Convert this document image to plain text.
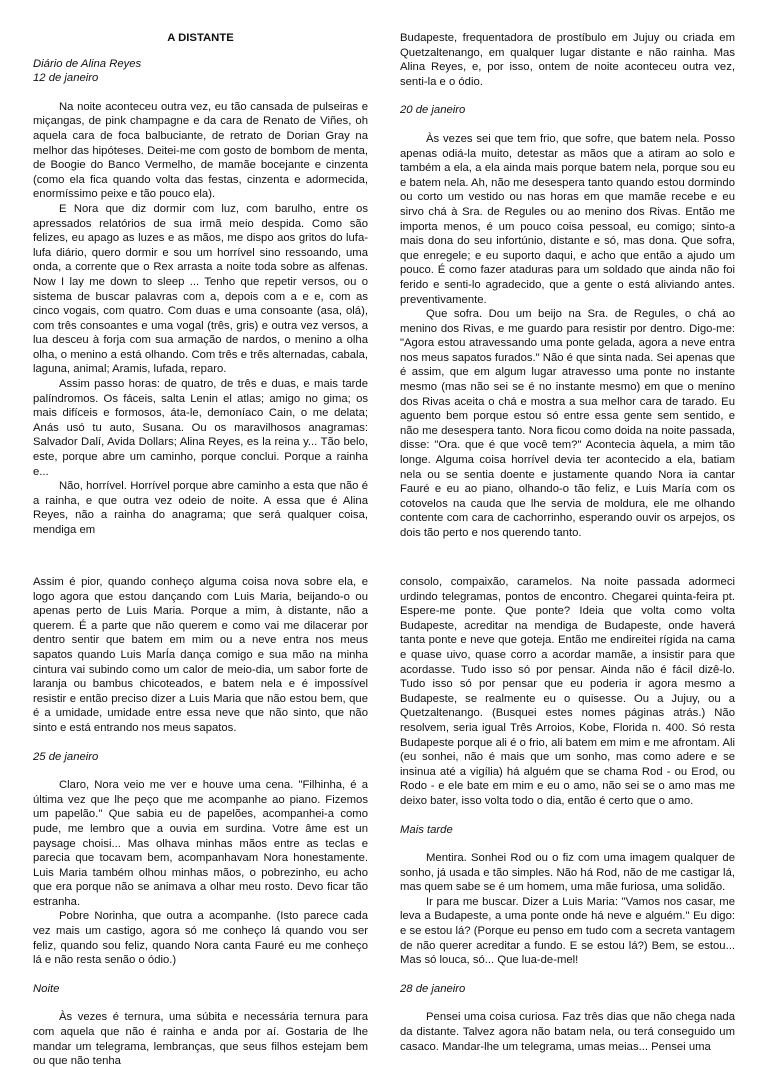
A DISTANTE

Diário de Alina Reyes

12 de janeiro

Na noite aconteceu outra vez, eu tão cansada de pulseiras e miçangas, de pink champagne e da cara de Renato de Viñes, oh aquela cara de foca balbuciante, de retrato de Dorian Gray na melhor das hipóteses. Deitei-me com gosto de bombom de menta, de Boogie do Banco Vermelho, de mamãe bocejante e cinzenta (como ela fica quando volta das festas, cinzenta e adormecida, enormíssimo peixe e tão pouco ela).

E Nora que diz dormir com luz, com barulho, entre os apressados relatórios de sua irmã meio despida. Como são felizes, eu apago as luzes e as mãos, me dispo aos gritos do lufa-lufa diário, quero dormir e sou um horrível sino ressoando, uma onda, a corrente que o Rex arrasta a noite toda sobre as alfenas. Now I lay me down to sleep ... Tenho que repetir versos, ou o sistema de buscar palavras com a, depois com a e e, com as cinco vogais, com quatro. Com duas e uma consoante (asa, olá), com três consoantes e uma vogal (três, gris) e outra vez versos, a lua desceu à forja com sua armação de nardos, o menino a olha olha, o menino a está olhando. Com três e três alternadas, cabala, laguna, animal; Aramis, lufada, reparo.

Assim passo horas: de quatro, de três e duas, e mais tarde palíndromos. Os fáceis, salta Lenin el atlas; amigo no gima; os mais difíceis e formosos, áta-le, demoníaco Cain, o me delata; Anás usó tu auto, Susana. Ou os maravilhosos anagramas: Salvador Dalí, Avida Dollars; Alina Reyes, es la reina y... Tão belo, este, porque abre um caminho, porque conclui. Porque a rainha e...

Não, horrível. Horrível porque abre caminho a esta que não é a rainha, e que outra vez odeio de noite. A essa que é Alina Reyes, não a rainha do anagrama; que será qualquer coisa, mendiga em

Budapeste, frequentadora de prostíbulo em Jujuy ou criada em Quetzaltenango, em qualquer lugar distante e não rainha. Mas Alina Reyes, e, por isso, ontem de noite aconteceu outra vez, senti-la e o ódio.

20 de janeiro

Às vezes sei que tem frio, que sofre, que batem nela. Posso apenas odiá-la muito, detestar as mãos que a atiram ao solo e também a ela, a ela ainda mais porque batem nela, porque sou eu e batem nela. Ah, não me desespera tanto quando estou dormindo ou corto um vestido ou nas horas em que mamãe recebe e eu sirvo chá à Sra. de Regules ou ao menino dos Rivas. Então me importa menos, é um pouco coisa pessoal, eu comigo; sinto-a mais dona do seu infortúnio, distante e só, mas dona. Que sofra, que enregele; e eu suporto daqui, e acho que então a ajudo um pouco. É como fazer ataduras para um soldado que ainda não foi ferido e senti-lo agradecido, que a gente o está aliviando antes. preventivamente.

Que sofra. Dou um beijo na Sra. de Regules, o chá ao menino dos Rivas, e me guardo para resistir por dentro. Digo-me: "Agora estou atravessando uma ponte gelada, agora a neve entra nos meus sapatos furados." Não é que sinta nada. Sei apenas que é assim, que em algum lugar atravesso uma ponte no instante mesmo (mas não sei se é no instante mesmo) em que o menino dos Rivas aceita o chá e mostra a sua melhor cara de tarado. Eu aguento bem porque estou só entre essa gente sem sentido, e não me desespera tanto. Nora ficou como doida na noite passada, disse: "Ora. que é que você tem?" Acontecia àquela, a mim tão longe. Alguma coisa horrível devia ter acontecido a ela, batiam nela ou se sentia doente e justamente quando Nora ia cantar Fauré e eu ao piano, olhando-o tão feliz, e Luis María com os cotovelos na cauda que lhe servia de moldura, ele me olhando contente com cara de cachorrinho, esperando ouvir os arpejos, os dois tão perto e nos querendo tanto.

Assim é pior, quando conheço alguma coisa nova sobre ela, e logo agora que estou dançando com Luis Maria, beijando-o ou apenas perto de Luis Maria. Porque a mim, à distante, não a querem. É a parte que não querem e como vai me dilacerar por dentro sentir que batem em mim ou a neve entra nos meus sapatos quando Luis MarÍa dança comigo e sua mão na minha cintura vai subindo como um calor de meio-dia, um sabor forte de laranja ou bambus chicoteados, e batem nela e é impossível resistir e então preciso dizer a Luis Maria que não estou bem, que é a umidade, umidade entre essa neve que não sinto, que não sinto e está entrando nos meus sapatos.

25 de janeiro

Claro, Nora veio me ver e houve uma cena. "Filhinha, é a última vez que lhe peço que me acompanhe ao piano. Fizemos um papelão." Que sabia eu de papelões, acompanhei-a como pude, me lembro que a ouvia em surdina. Votre âme est un paysage choisi... Mas olhava minhas mãos entre as teclas e parecia que tocavam bem, acompanhavam Nora honestamente. Luis Maria também olhou minhas mãos, o pobrezinho, eu acho que era porque não se animava a olhar meu rosto. Devo ficar tão estranha.

Pobre Norinha, que outra a acompanhe. (Isto parece cada vez mais um castigo, agora só me conheço lá quando vou ser feliz, quando sou feliz, quando Nora canta Fauré eu me conheço lá e não resta senão o ódio.)

Noite

Às vezes é ternura, uma súbita e necessária ternura para com aquela que não é rainha e anda por aí. Gostaria de lhe mandar um telegrama, lembranças, que seus filhos estejam bem ou que não tenha

consolo, compaixão, caramelos. Na noite passada adormeci urdindo telegramas, pontos de encontro. Chegarei quinta-feira pt. Espere-me ponte. Que ponte? Ideia que volta como volta Budapeste, acreditar na mendiga de Budapeste, onde haverá tanta ponte e neve que goteja. Então me endireitei rígida na cama e quase uivo, quase corro a acordar mamãe, a insistir para que acordasse. Tudo isso só por pensar. Ainda não é fácil dizê-lo. Tudo isso só por pensar que eu poderia ir agora mesmo a Budapeste, se realmente eu o quisesse. Ou a Jujuy, ou a Quetzaltenango. (Busquei estes nomes páginas atrás.) Não resolvem, seria igual Três Arroios, Kobe, Florida n. 400. Só resta Budapeste porque ali é o frio, ali batem em mim e me afrontam. Ali (eu sonhei, não é mais que um sonho, mas como adere e se insinua até a vigília) há alguém que se chama Rod - ou Erod, ou Rodo - e ele bate em mim e eu o amo, não sei se o amo mas me deixo bater, isso volta todo o dia, então é certo que o amo.

Mais tarde

Mentira. Sonhei Rod ou o fiz com uma imagem qualquer de sonho, já usada e tão simples. Não há Rod, não de me castigar lá, mas quem sabe se é um homem, uma mãe furiosa, uma solidão.

Ir para me buscar. Dizer a Luis Maria: "Vamos nos casar, me leva a Budapeste, a uma ponte onde há neve e alguém." Eu digo: e se estou lá? (Porque eu penso em tudo com a secreta vantagem de não querer acreditar a fundo. E se estou lá?) Bem, se estou... Mas só louca, só... Que lua-de-mel!

28 de janeiro

Pensei uma coisa curiosa. Faz três dias que não chega nada da distante. Talvez agora não batam nela, ou terá conseguido um casaco. Mandar-lhe um telegrama, umas meias... Pensei uma
